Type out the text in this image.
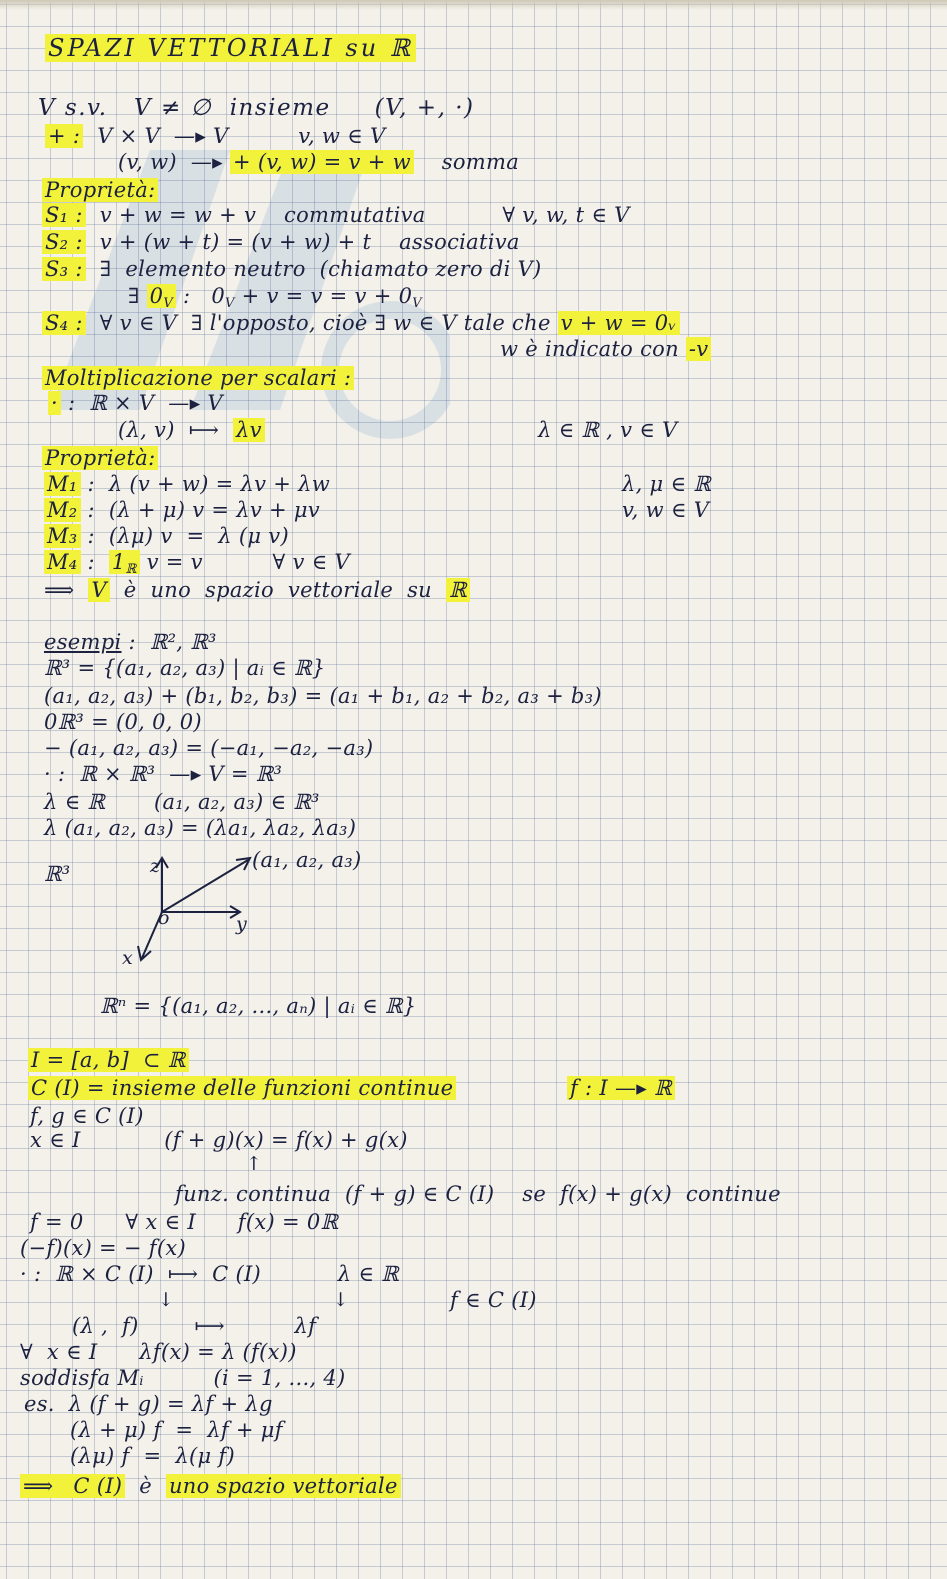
SPAZI VETTORIALI su ℝ
V s.v.   V ≠ ∅  insieme     (V, +, ·)
+ : V × V  —▸ V          v, w ∈ V
(v, w)  —▸ + (v, w) = v + w    somma
Proprietà:
S₁ :  v + w = w + v    commutativa           ∀ v, w, t ∈ V
S₂ :  v + (w + t) = (v + w) + t    associativa
S₃ :  ∃  elemento neutro  (chiamato zero di V)
∃ $0_V$ :   $0_V + v = v = v + 0_V$
S₄ :  ∀ v ∈ V  ∃ l'opposto, cioè ∃ w ∈ V tale che v + w = 0ᵥ
w è indicato con -v
Moltiplicazione per scalari :
· :  ℝ × V  —▸ V
(λ, v)  ⟼  λv	λ ∈ ℝ , v ∈ V
Proprietà:
M₁ :  λ (v + w) = λv + λw	λ, μ ∈ ℝ
M₂ :  (λ + μ) v = λv + μv	v, w ∈ V
M₃ :  (λμ) v  =  λ (μ v)
M₄ :  $1_ℝ$ v = v          ∀ v ∈ V
⟹  V  è  uno  spazio  vettoriale  su  ℝ
esempi :  ℝ², ℝ³
ℝ³ = {(a₁, a₂, a₃) | aᵢ ∈ ℝ}
(a₁, a₂, a₃) + (b₁, b₂, b₃) = (a₁ + b₁, a₂ + b₂, a₃ + b₃)
0ℝ³ = (0, 0, 0)
− (a₁, a₂, a₃) = (−a₁, −a₂, −a₃)
· :  ℝ × ℝ³  —▸ V = ℝ³
λ ∈ ℝ       (a₁, a₂, a₃) ∈ ℝ³
λ (a₁, a₂, a₃) = (λa₁, λa₂, λa₃)
ℝ³	z
y
x
o
(a₁, a₂, a₃)
ℝⁿ = {(a₁, a₂, ..., aₙ) | aᵢ ∈ ℝ}
I = [a, b]  ⊂ ℝ
C (I) = insieme delle funzioni continue	f : I —▸ ℝ
f, g ∈ C (I)
x ∈ I            (f + g)(x) = f(x) + g(x)
↑
funz. continua  (f + g) ∈ C (I)    se  f(x) + g(x)  continue
f = 0      ∀ x ∈ I      f(x) = 0ℝ
(−f)(x) = − f(x)
· :  ℝ × C (I)  ⟼  C (I)           λ ∈ ℝ
f ∈ C (I)
↓                         ↓
(λ ,  f)        ⟼          λf
∀  x ∈ I      λf(x) = λ (f(x))
soddisfa Mᵢ          (i = 1, ..., 4)
es.  λ (f + g) = λf + λg
(λ + μ) f  =  λf + μf
(λμ) f  =  λ(μ f)
⟹  C (I)  è  uno spazio vettoriale
